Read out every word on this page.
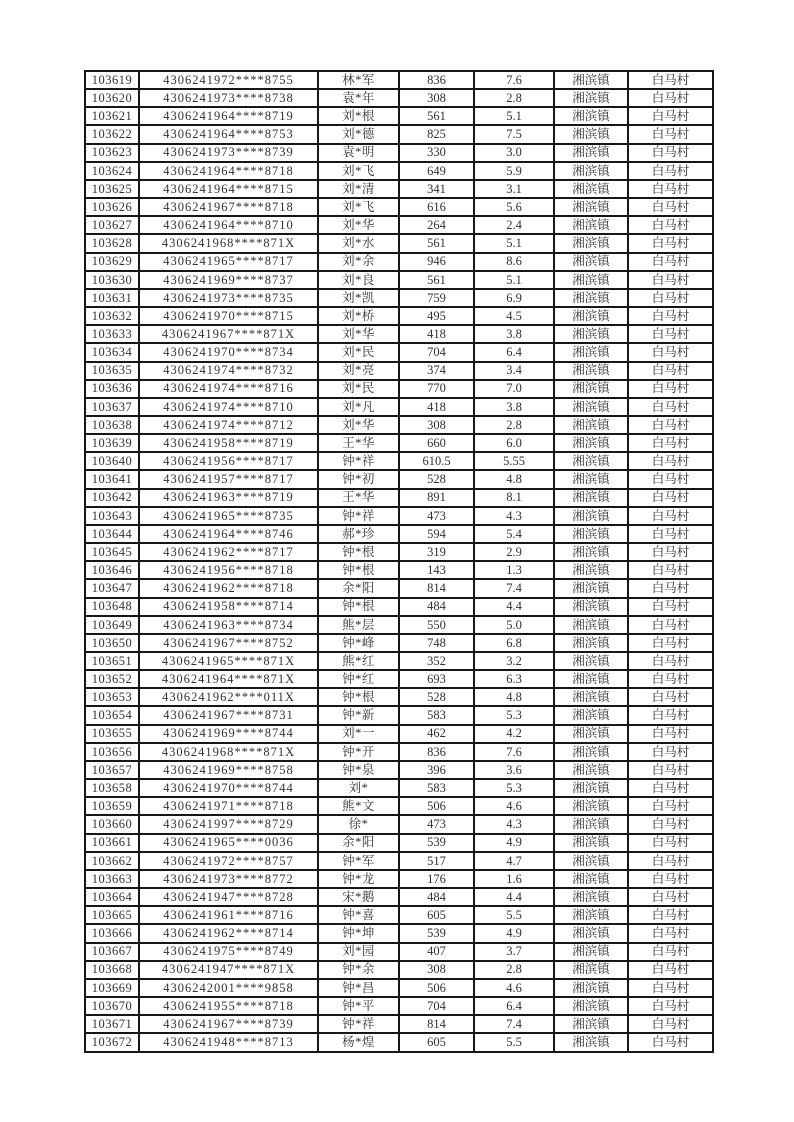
103619	4306241972****8755	林*军	836	7.6	湘滨镇	白马村
103620	4306241973****8738	袁*年	308	2.8	湘滨镇	白马村
103621	4306241964****8719	刘*根	561	5.1	湘滨镇	白马村
103622	4306241964****8753	刘*德	825	7.5	湘滨镇	白马村
103623	4306241973****8739	袁*明	330	3.0	湘滨镇	白马村
103624	4306241964****8718	刘*飞	649	5.9	湘滨镇	白马村
103625	4306241964****8715	刘*清	341	3.1	湘滨镇	白马村
103626	4306241967****8718	刘*飞	616	5.6	湘滨镇	白马村
103627	4306241964****8710	刘*华	264	2.4	湘滨镇	白马村
103628	4306241968****871X	刘*水	561	5.1	湘滨镇	白马村
103629	4306241965****8717	刘*余	946	8.6	湘滨镇	白马村
103630	4306241969****8737	刘*良	561	5.1	湘滨镇	白马村
103631	4306241973****8735	刘*凯	759	6.9	湘滨镇	白马村
103632	4306241970****8715	刘*桥	495	4.5	湘滨镇	白马村
103633	4306241967****871X	刘*华	418	3.8	湘滨镇	白马村
103634	4306241970****8734	刘*民	704	6.4	湘滨镇	白马村
103635	4306241974****8732	刘*亮	374	3.4	湘滨镇	白马村
103636	4306241974****8716	刘*民	770	7.0	湘滨镇	白马村
103637	4306241974****8710	刘*凡	418	3.8	湘滨镇	白马村
103638	4306241974****8712	刘*华	308	2.8	湘滨镇	白马村
103639	4306241958****8719	王*华	660	6.0	湘滨镇	白马村
103640	4306241956****8717	钟*祥	610.5	5.55	湘滨镇	白马村
103641	4306241957****8717	钟*初	528	4.8	湘滨镇	白马村
103642	4306241963****8719	王*华	891	8.1	湘滨镇	白马村
103643	4306241965****8735	钟*祥	473	4.3	湘滨镇	白马村
103644	4306241964****8746	郝*珍	594	5.4	湘滨镇	白马村
103645	4306241962****8717	钟*根	319	2.9	湘滨镇	白马村
103646	4306241956****8718	钟*根	143	1.3	湘滨镇	白马村
103647	4306241962****8718	余*阳	814	7.4	湘滨镇	白马村
103648	4306241958****8714	钟*根	484	4.4	湘滨镇	白马村
103649	4306241963****8734	熊*层	550	5.0	湘滨镇	白马村
103650	4306241967****8752	钟*峰	748	6.8	湘滨镇	白马村
103651	4306241965****871X	熊*红	352	3.2	湘滨镇	白马村
103652	4306241964****871X	钟*红	693	6.3	湘滨镇	白马村
103653	4306241962****011X	钟*根	528	4.8	湘滨镇	白马村
103654	4306241967****8731	钟*新	583	5.3	湘滨镇	白马村
103655	4306241969****8744	刘*一	462	4.2	湘滨镇	白马村
103656	4306241968****871X	钟*开	836	7.6	湘滨镇	白马村
103657	4306241969****8758	钟*泉	396	3.6	湘滨镇	白马村
103658	4306241970****8744	刘*	583	5.3	湘滨镇	白马村
103659	4306241971****8718	熊*文	506	4.6	湘滨镇	白马村
103660	4306241997****8729	徐*	473	4.3	湘滨镇	白马村
103661	4306241965****0036	余*阳	539	4.9	湘滨镇	白马村
103662	4306241972****8757	钟*军	517	4.7	湘滨镇	白马村
103663	4306241973****8772	钟*龙	176	1.6	湘滨镇	白马村
103664	4306241947****8728	宋*鹅	484	4.4	湘滨镇	白马村
103665	4306241961****8716	钟*喜	605	5.5	湘滨镇	白马村
103666	4306241962****8714	钟*坤	539	4.9	湘滨镇	白马村
103667	4306241975****8749	刘*园	407	3.7	湘滨镇	白马村
103668	4306241947****871X	钟*余	308	2.8	湘滨镇	白马村
103669	4306242001****9858	钟*昌	506	4.6	湘滨镇	白马村
103670	4306241955****8718	钟*平	704	6.4	湘滨镇	白马村
103671	4306241967****8739	钟*祥	814	7.4	湘滨镇	白马村
103672	4306241948****8713	杨*煌	605	5.5	湘滨镇	白马村
